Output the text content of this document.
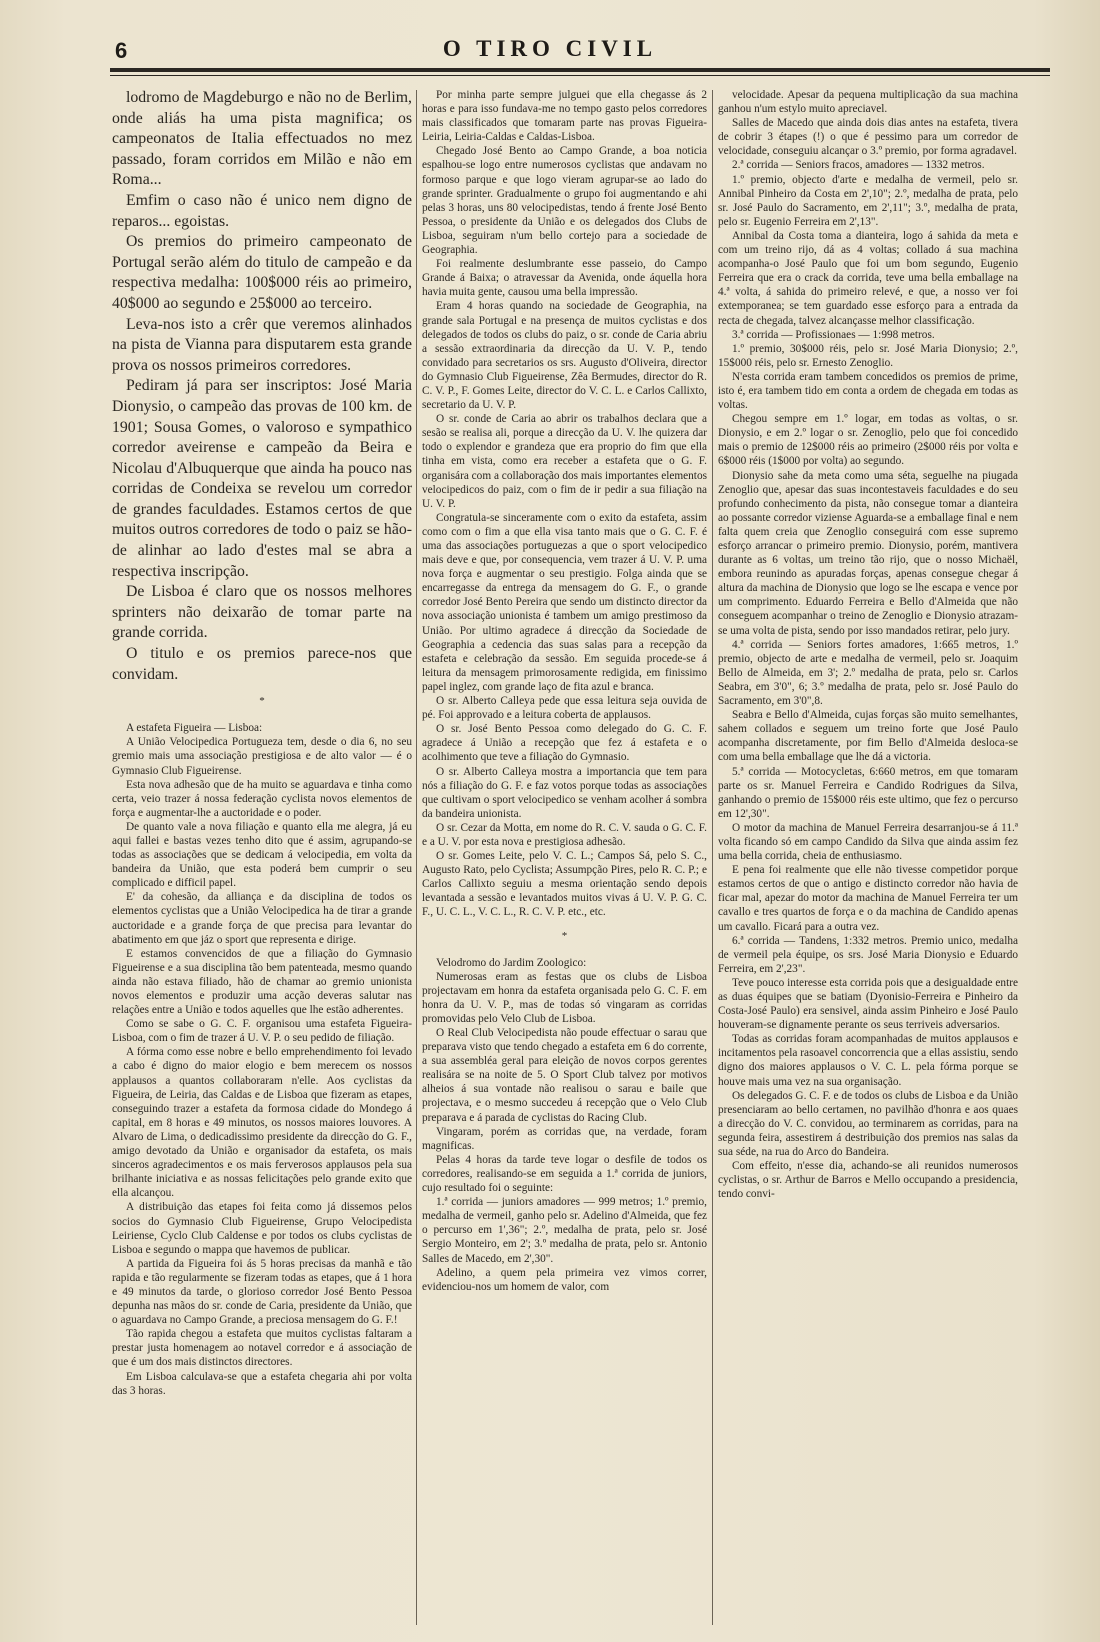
6	O TIRO CIVIL

lodromo de Magdeburgo e não no de Berlim, onde aliás ha uma pista magnifica; os campeonatos de Italia effectuados no mez passado, foram corridos em Milão e não em Roma...

Emfim o caso não é unico nem digno de reparos... egoistas.

Os premios do primeiro campeonato de Portugal serão além do titulo de campeão e da respectiva medalha: 100$000 réis ao primeiro, 40$000 ao segundo e 25$000 ao terceiro.

Leva-nos isto a crêr que veremos alinhados na pista de Vianna para disputarem esta grande prova os nossos primeiros corredores.

Pediram já para ser inscriptos: José Maria Dionysio, o campeão das provas de 100 km. de 1901; Sousa Gomes, o valoroso e sympathico corredor aveirense e campeão da Beira e Nicolau d'Albuquerque que ainda ha pouco nas corridas de Condeixa se revelou um corredor de grandes faculdades. Estamos certos de que muitos outros corredores de todo o paiz se hão-de alinhar ao lado d'estes mal se abra a respectiva inscripção.

De Lisboa é claro que os nossos melhores sprinters não deixarão de tomar parte na grande corrida.

O titulo e os premios parece-nos que convidam.

*

A estafeta Figueira — Lisboa:

A União Velocipedica Portugueza tem, desde o dia 6, no seu gremio mais uma associação prestigiosa e de alto valor — é o Gymnasio Club Figueirense.

Esta nova adhesão que de ha muito se aguardava e tinha como certa, veio trazer á nossa federação cyclista novos elementos de força e augmentar-lhe a auctoridade e o poder.

De quanto vale a nova filiação e quanto ella me alegra, já eu aqui fallei e bastas vezes tenho dito que é assim, agrupando-se todas as associações que se dedicam á velocipedia, em volta da bandeira da União, que esta poderá bem cumprir o seu complicado e difficil papel.

E' da cohesão, da alliança e da disciplina de todos os elementos cyclistas que a União Velocipedica ha de tirar a grande auctoridade e a grande força de que precisa para levantar do abatimento em que jáz o sport que representa e dirige.

E estamos convencidos de que a filiação do Gymnasio Figueirense e a sua disciplina tão bem patenteada, mesmo quando ainda não estava filiado, hão de chamar ao gremio unionista novos elementos e produzir uma acção deveras salutar nas relações entre a União e todos aquelles que lhe estão adherentes.

Como se sabe o G. C. F. organisou uma estafeta Figueira-Lisboa, com o fim de trazer á U. V. P. o seu pedido de filiação.

A fórma como esse nobre e bello emprehendimento foi levado a cabo é digno do maior elogio e bem merecem os nossos applausos a quantos collaboraram n'elle. Aos cyclistas da Figueira, de Leiria, das Caldas e de Lisboa que fizeram as etapes, conseguindo trazer a estafeta da formosa cidade do Mondego á capital, em 8 horas e 49 minutos, os nossos maiores louvores. A Alvaro de Lima, o dedicadissimo presidente da direcção do G. F., amigo devotado da União e organisador da estafeta, os mais sinceros agradecimentos e os mais ferverosos applausos pela sua brilhante iniciativa e as nossas felicitações pelo grande exito que ella alcançou.

A distribuição das etapes foi feita como já dissemos pelos socios do Gymnasio Club Figueirense, Grupo Velocipedista Leiriense, Cyclo Club Caldense e por todos os clubs cyclistas de Lisboa e segundo o mappa que havemos de publicar.

A partida da Figueira foi ás 5 horas precisas da manhã e tão rapida e tão regularmente se fizeram todas as etapes, que á 1 hora e 49 minutos da tarde, o glorioso corredor José Bento Pessoa depunha nas mãos do sr. conde de Caria, presidente da União, que o aguardava no Campo Grande, a preciosa mensagem do G. F.!

Tão rapida chegou a estafeta que muitos cyclistas faltaram a prestar justa homenagem ao notavel corredor e á associação de que é um dos mais distinctos directores.

Em Lisboa calculava-se que a estafeta chegaria ahi por volta das 3 horas.

Por minha parte sempre julguei que ella chegasse ás 2 horas e para isso fundava-me no tempo gasto pelos corredores mais classificados que tomaram parte nas provas Figueira-Leiria, Leiria-Caldas e Caldas-Lisboa.

Chegado José Bento ao Campo Grande, a boa noticia espalhou-se logo entre numerosos cyclistas que andavam no formoso parque e que logo vieram agrupar-se ao lado do grande sprinter. Gradualmente o grupo foi augmentando e ahi pelas 3 horas, uns 80 velocipedistas, tendo á frente José Bento Pessoa, o presidente da União e os delegados dos Clubs de Lisboa, seguiram n'um bello cortejo para a sociedade de Geographia.

Foi realmente deslumbrante esse passeio, do Campo Grande á Baixa; o atravessar da Avenida, onde áquella hora havia muita gente, causou uma bella impressão.

Eram 4 horas quando na sociedade de Geographia, na grande sala Portugal e na presença de muitos cyclistas e dos delegados de todos os clubs do paiz, o sr. conde de Caria abriu a sessão extraordinaria da direcção da U. V. P., tendo convidado para secretarios os srs. Augusto d'Oliveira, director do Gymnasio Club Figueirense, Zêa Bermudes, director do R. C. V. P., F. Gomes Leite, director do V. C. L. e Carlos Callixto, secretario da U. V. P.

O sr. conde de Caria ao abrir os trabalhos declara que a sesão se realisa ali, porque a direcção da U. V. lhe quizera dar todo o explendor e grandeza que era proprio do fim que ella tinha em vista, como era receber a estafeta que o G. F. organisára com a collaboração dos mais importantes elementos velocipedicos do paiz, com o fim de ir pedir a sua filiação na U. V. P.

Congratula-se sinceramente com o exito da estafeta, assim como com o fim a que ella visa tanto mais que o G. C. F. é uma das associações portuguezas a que o sport velocipedico mais deve e que, por consequencia, vem trazer á U. V. P. uma nova força e augmentar o seu prestigio. Folga ainda que se encarregasse da entrega da mensagem do G. F., o grande corredor José Bento Pereira que sendo um distincto director da nova associação unionista é tambem um amigo prestimoso da União. Por ultimo agradece á direcção da Sociedade de Geographia a cedencia das suas salas para a recepção da estafeta e celebração da sessão. Em seguida procede-se á leitura da mensagem primorosamente redigida, em finissimo papel inglez, com grande laço de fita azul e branca.

O sr. Alberto Calleya pede que essa leitura seja ouvida de pé. Foi approvado e a leitura coberta de applausos.

O sr. José Bento Pessoa como delegado do G. C. F. agradece á União a recepção que fez á estafeta e o acolhimento que teve a filiação do Gymnasio.

O sr. Alberto Calleya mostra a importancia que tem para nós a filiação do G. F. e faz votos porque todas as associações que cultivam o sport velocipedico se venham acolher á sombra da bandeira unionista.

O sr. Cezar da Motta, em nome do R. C. V. sauda o G. C. F. e a U. V. por esta nova e prestigiosa adhesão.

O sr. Gomes Leite, pelo V. C. L.; Campos Sá, pelo S. C., Augusto Rato, pelo Cyclista; Assumpção Pires, pelo R. C. P.; e Carlos Callixto seguiu a mesma orientação sendo depois levantada a sessão e levantados muitos vivas á U. V. P. G. C. F., U. C. L., V. C. L., R. C. V. P. etc., etc.

*

Velodromo do Jardim Zoologico:

Numerosas eram as festas que os clubs de Lisboa projectavam em honra da estafeta organisada pelo G. C. F. em honra da U. V. P., mas de todas só vingaram as corridas promovidas pelo Velo Club de Lisboa.

O Real Club Velocipedista não poude effectuar o sarau que preparava visto que tendo chegado a estafeta em 6 do corrente, a sua assembléa geral para eleição de novos corpos gerentes realisára se na noite de 5. O Sport Club talvez por motivos alheios á sua vontade não realisou o sarau e baile que projectava, e o mesmo succedeu á recepção que o Velo Club preparava e á parada de cyclistas do Racing Club.

Vingaram, porém as corridas que, na verdade, foram magnificas.

Pelas 4 horas da tarde teve logar o desfile de todos os corredores, realisando-se em seguida a 1.ª corrida de juniors, cujo resultado foi o seguinte:

1.ª corrida — juniors amadores — 999 metros; 1.º premio, medalha de vermeil, ganho pelo sr. Adelino d'Almeida, que fez o percurso em 1',36"; 2.º, medalha de prata, pelo sr. José Sergio Monteiro, em 2'; 3.º medalha de prata, pelo sr. Antonio Salles de Macedo, em 2',30".

Adelino, a quem pela primeira vez vimos correr, evidenciou-nos um homem de valor, com

velocidade. Apesar da pequena multiplicação da sua machina ganhou n'um estylo muito apreciavel.

Salles de Macedo que ainda dois dias antes na estafeta, tivera de cobrir 3 étapes (!) o que é pessimo para um corredor de velocidade, conseguiu alcançar o 3.º premio, por forma agradavel.

2.ª corrida — Seniors fracos, amadores — 1332 metros.

1.º premio, objecto d'arte e medalha de vermeil, pelo sr. Annibal Pinheiro da Costa em 2',10"; 2.º, medalha de prata, pelo sr. José Paulo do Sacramento, em 2',11"; 3.º, medalha de prata, pelo sr. Eugenio Ferreira em 2',13".

Annibal da Costa toma a dianteira, logo á sahida da meta e com um treino rijo, dá as 4 voltas; collado á sua machina acompanha-o José Paulo que foi um bom segundo, Eugenio Ferreira que era o crack da corrida, teve uma bella emballage na 4.ª volta, á sahida do primeiro relevé, e que, a nosso ver foi extemporanea; se tem guardado esse esforço para a entrada da recta de chegada, talvez alcançasse melhor classificação.

3.ª corrida — Profissionaes — 1:998 metros.

1.º premio, 30$000 réis, pelo sr. José Maria Dionysio; 2.º, 15$000 réis, pelo sr. Ernesto Zenoglio.

N'esta corrida eram tambem concedidos os premios de prime, isto é, era tambem tido em conta a ordem de chegada em todas as voltas.

Chegou sempre em 1.º logar, em todas as voltas, o sr. Dionysio, e em 2.º logar o sr. Zenoglio, pelo que foi concedido mais o premio de 12$000 réis ao primeiro (2$000 réis por volta e 6$000 réis (1$000 por volta) ao segundo.

Dionysio sahe da meta como uma séta, seguelhe na piugada Zenoglio que, apesar das suas incontestaveis faculdades e do seu profundo conhecimento da pista, não consegue tomar a dianteira ao possante corredor viziense Aguarda-se a emballage final e nem falta quem creia que Zenoglio conseguirá com esse supremo esforço arrancar o primeiro premio. Dionysio, porém, mantivera durante as 6 voltas, um treino tão rijo, que o nosso Michaël, embora reunindo as apuradas forças, apenas consegue chegar á altura da machina de Dionysio que logo se lhe escapa e vence por um comprimento. Eduardo Ferreira e Bello d'Almeida que não conseguem acompanhar o treino de Zenoglio e Dionysio atrazam-se uma volta de pista, sendo por isso mandados retirar, pelo jury.

4.ª corrida — Seniors fortes amadores, 1:665 metros, 1.º premio, objecto de arte e medalha de vermeil, pelo sr. Joaquim Bello de Almeida, em 3'; 2.º medalha de prata, pelo sr. Carlos Seabra, em 3'0", 6; 3.º medalha de prata, pelo sr. José Paulo do Sacramento, em 3'0",8.

Seabra e Bello d'Almeida, cujas forças são muito semelhantes, sahem collados e seguem um treino forte que José Paulo acompanha discretamente, por fim Bello d'Almeida desloca-se com uma bella emballage que lhe dá a victoria.

5.ª corrida — Motocycletas, 6:660 metros, em que tomaram parte os sr. Manuel Ferreira e Candido Rodrigues da Silva, ganhando o premio de 15$000 réis este ultimo, que fez o percurso em 12',30".

O motor da machina de Manuel Ferreira desarranjou-se á 11.ª volta ficando só em campo Candido da Silva que ainda assim fez uma bella corrida, cheia de enthusiasmo.

E pena foi realmente que elle não tivesse competidor porque estamos certos de que o antigo e distincto corredor não havia de ficar mal, apezar do motor da machina de Manuel Ferreira ter um cavallo e tres quartos de força e o da machina de Candido apenas um cavallo. Ficará para a outra vez.

6.ª corrida — Tandens, 1:332 metros. Premio unico, medalha de vermeil pela équipe, os srs. José Maria Dionysio e Eduardo Ferreira, em 2',23".

Teve pouco interesse esta corrida pois que a desigualdade entre as duas équipes que se batiam (Dyonisio-Ferreira e Pinheiro da Costa-José Paulo) era sensivel, ainda assim Pinheiro e José Paulo houveram-se dignamente perante os seus terriveis adversarios.

Todas as corridas foram acompanhadas de muitos applausos e incitamentos pela rasoavel concorrencia que a ellas assistiu, sendo digno dos maiores applausos o V. C. L. pela fórma porque se houve mais uma vez na sua organisação.

Os delegados G. C. F. e de todos os clubs de Lisboa e da União presenciaram ao bello certamen, no pavilhão d'honra e aos quaes a direcção do V. C. convidou, ao terminarem as corridas, para na segunda feira, assestirem á destribuição dos premios nas salas da sua séde, na rua do Arco do Bandeira.

Com effeito, n'esse dia, achando-se ali reunidos numerosos cyclistas, o sr. Arthur de Barros e Mello occupando a presidencia, tendo convi-
